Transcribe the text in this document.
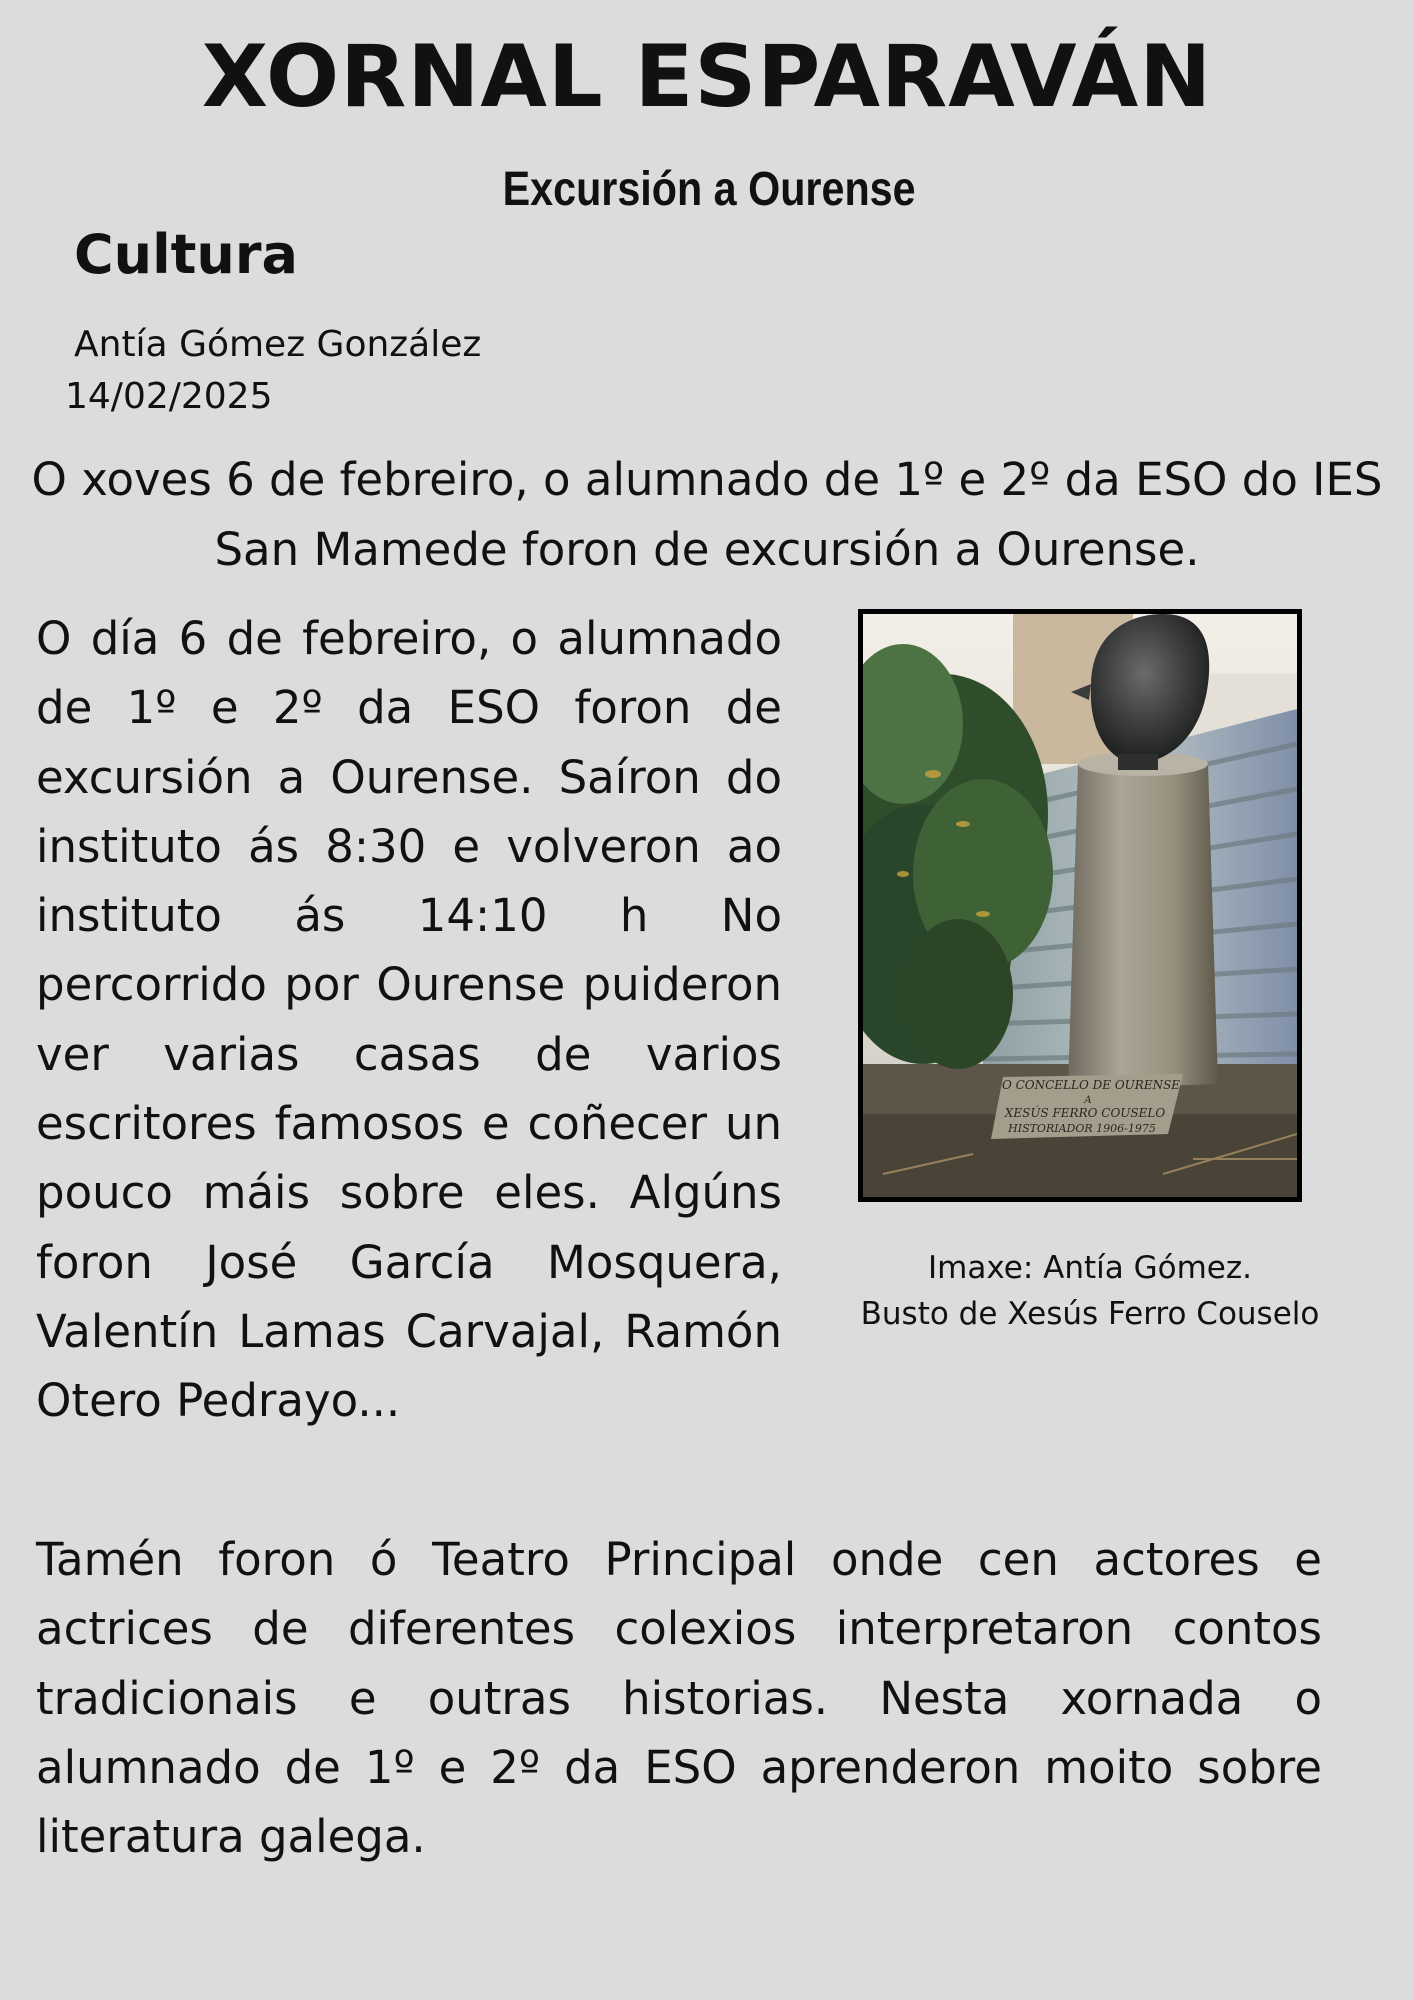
XORNAL ESPARAVÁN
Excursión a Ourense
Cultura
Antía Gómez González
14/02/2025

O xoves 6 de febreiro, o alumnado de 1º e 2º da ESO do IES San Mamede foron de excursión a Ourense.

O día 6 de febreiro, o alumnado de 1º e 2º da ESO foron de excursión a Ourense. Saíron do instituto ás 8:30 e volveron ao instituto ás 14:10 h No percorrido por Ourense puideron ver varias casas de varios escritores famosos e coñecer un pouco máis sobre eles. Algúns foron José García Mosquera, Valentín Lamas Carvajal, Ramón Otero Pedrayo...

O CONCELLO DE OURENSE
A
XESÚS FERRO COUSELO
HISTORIADOR 1906-1975
Imaxe: Antía Gómez.
Busto de Xesús Ferro Couselo

Tamén foron ó Teatro Principal onde cen actores e actrices de diferentes colexios interpretaron contos tradicionais e outras historias. Nesta xornada o alumnado de 1º e 2º da ESO aprenderon moito sobre literatura galega.
